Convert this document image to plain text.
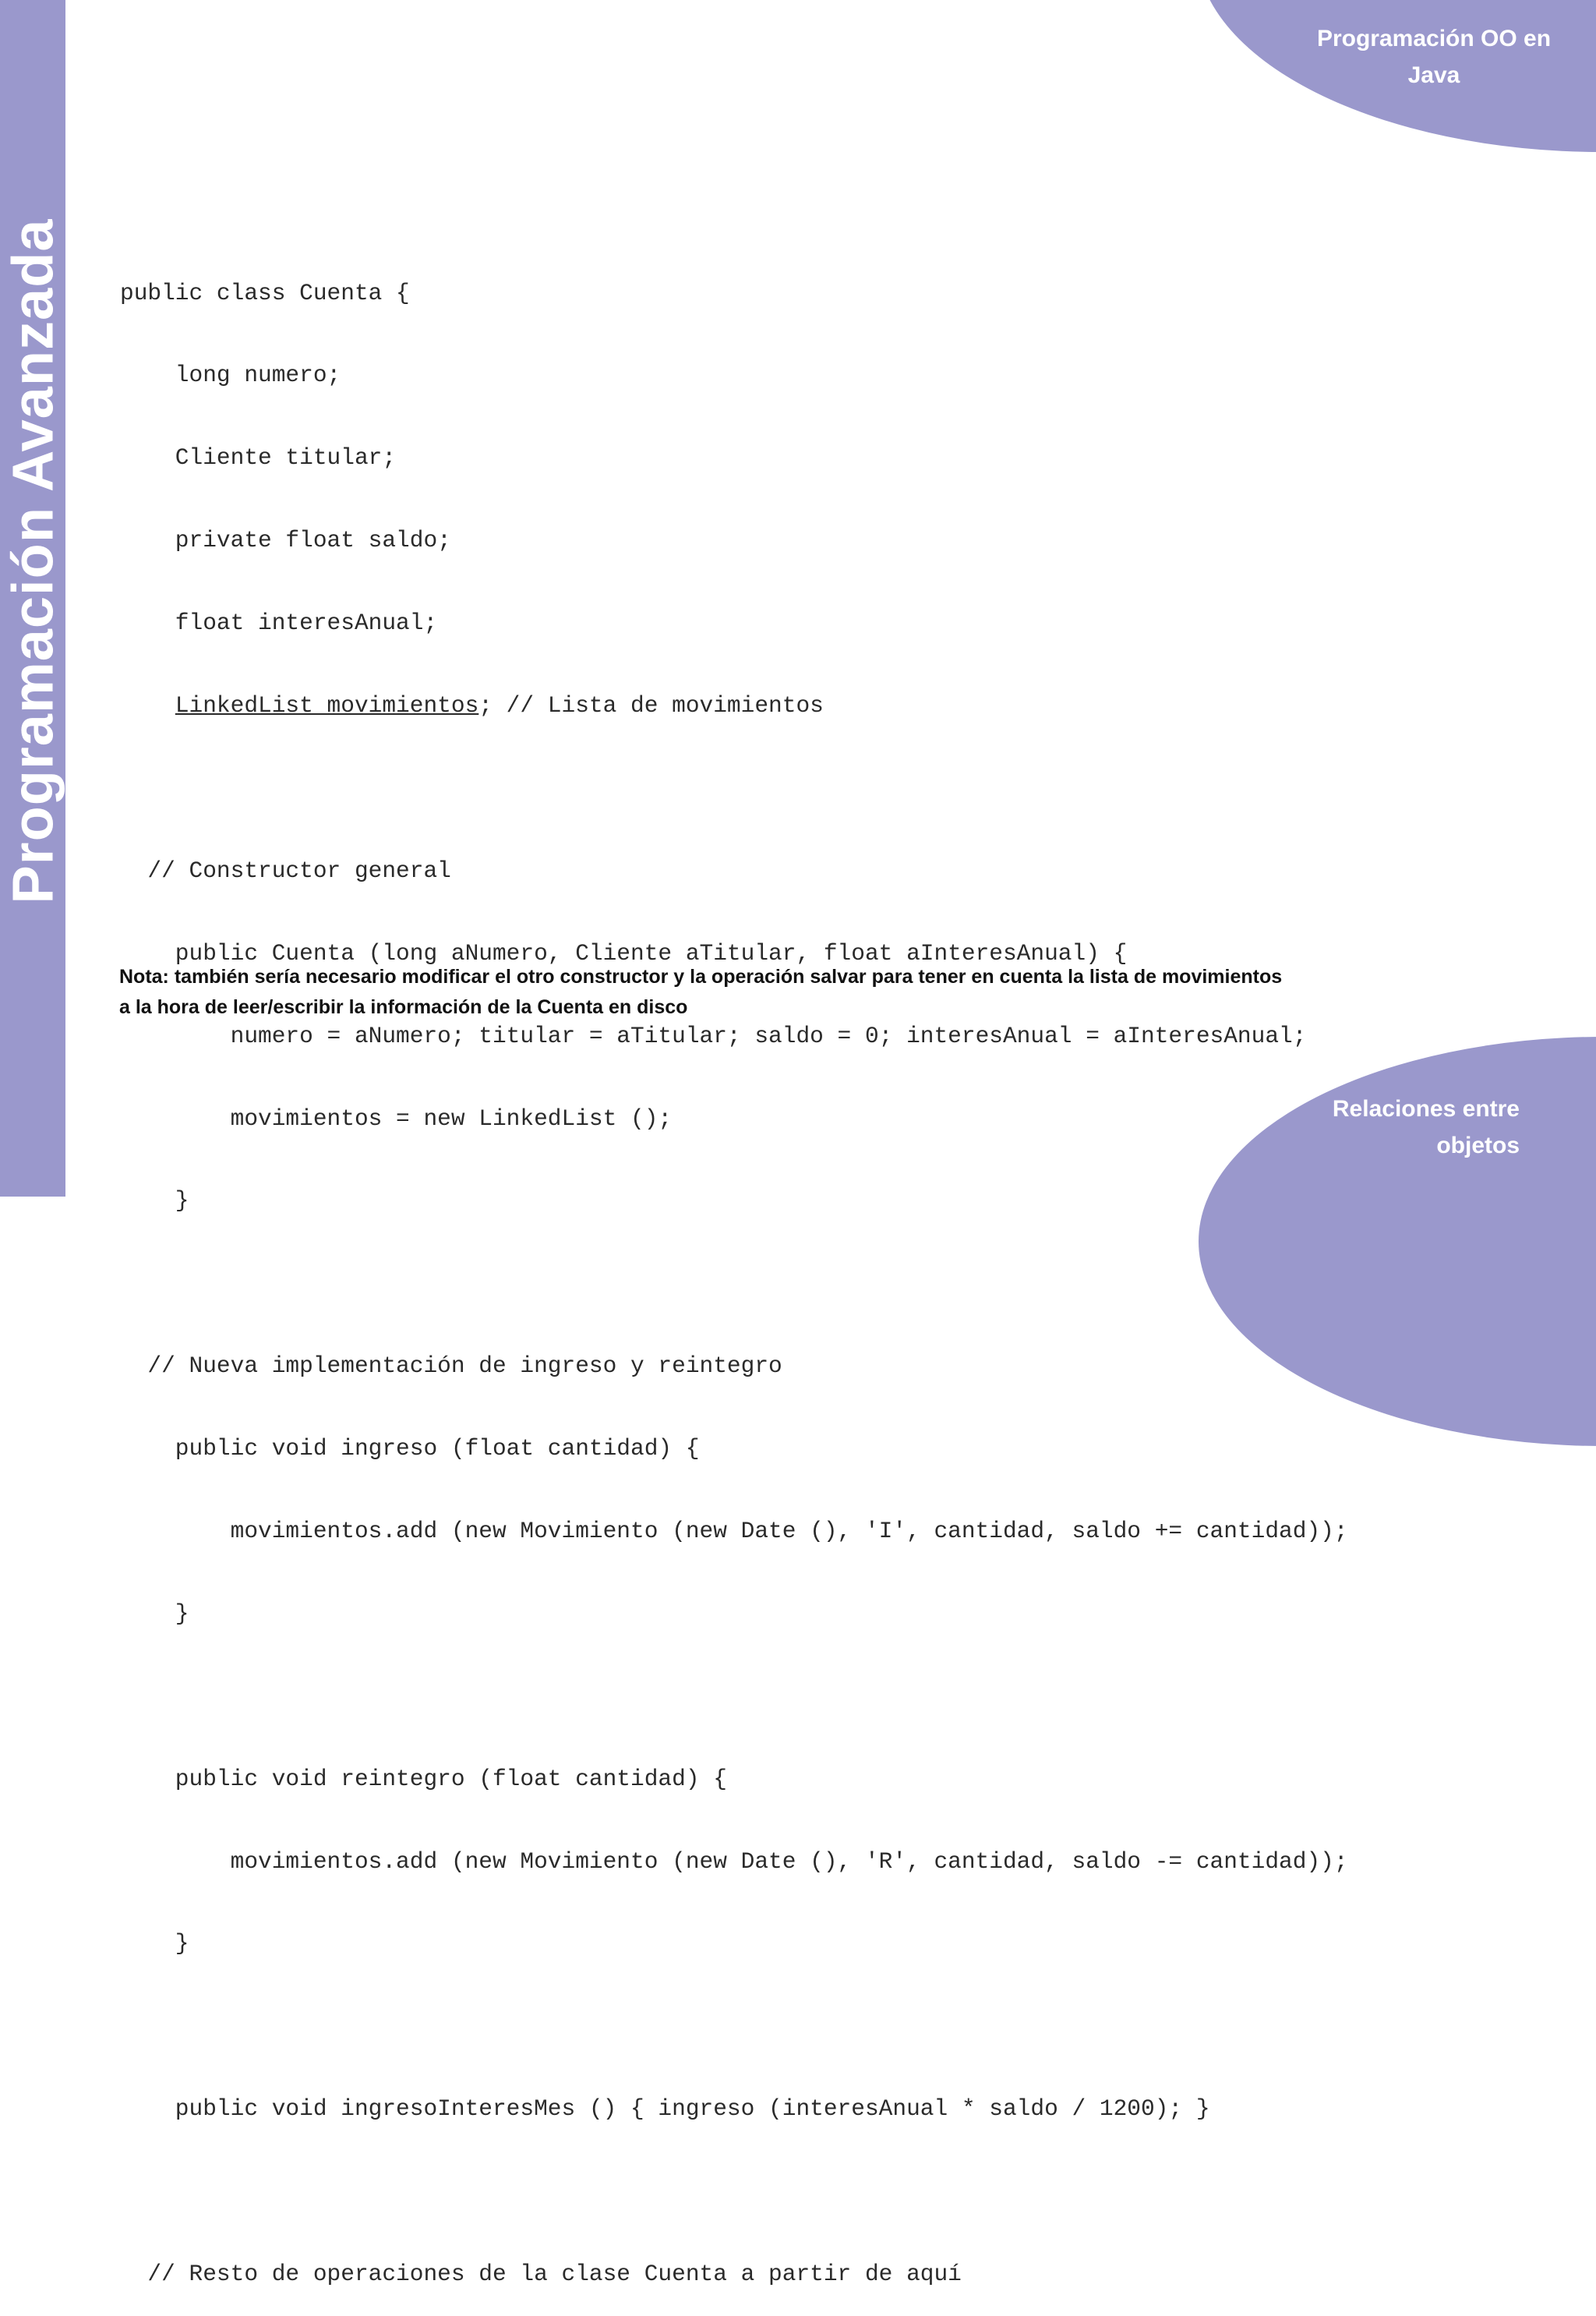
Programación Avanzada
Programación OO en
Java
Relaciones entre
objetos

public class Cuenta {

long numero;

Cliente titular;

private float saldo;

float interesAnual;

LinkedList movimientos; // Lista de movimientos

// Constructor general

public Cuenta (long aNumero, Cliente aTitular, float aInteresAnual) {

numero = aNumero; titular = aTitular; saldo = 0; interesAnual = aInteresAnual;

movimientos = new LinkedList ();

}

// Nueva implementación de ingreso y reintegro

public void ingreso (float cantidad) {

movimientos.add (new Movimiento (new Date (), 'I', cantidad, saldo += cantidad));

}

public void reintegro (float cantidad) {

movimientos.add (new Movimiento (new Date (), 'R', cantidad, saldo -= cantidad));

}

public void ingresoInteresMes () { ingreso (interesAnual * saldo / 1200); }

// Resto de operaciones de la clase Cuenta a partir de aquí

Nota: también sería necesario modificar el otro constructor y la operación salvar para tener en cuenta la lista de movimientos
a la hora de leer/escribir la información de la Cuenta en disco
